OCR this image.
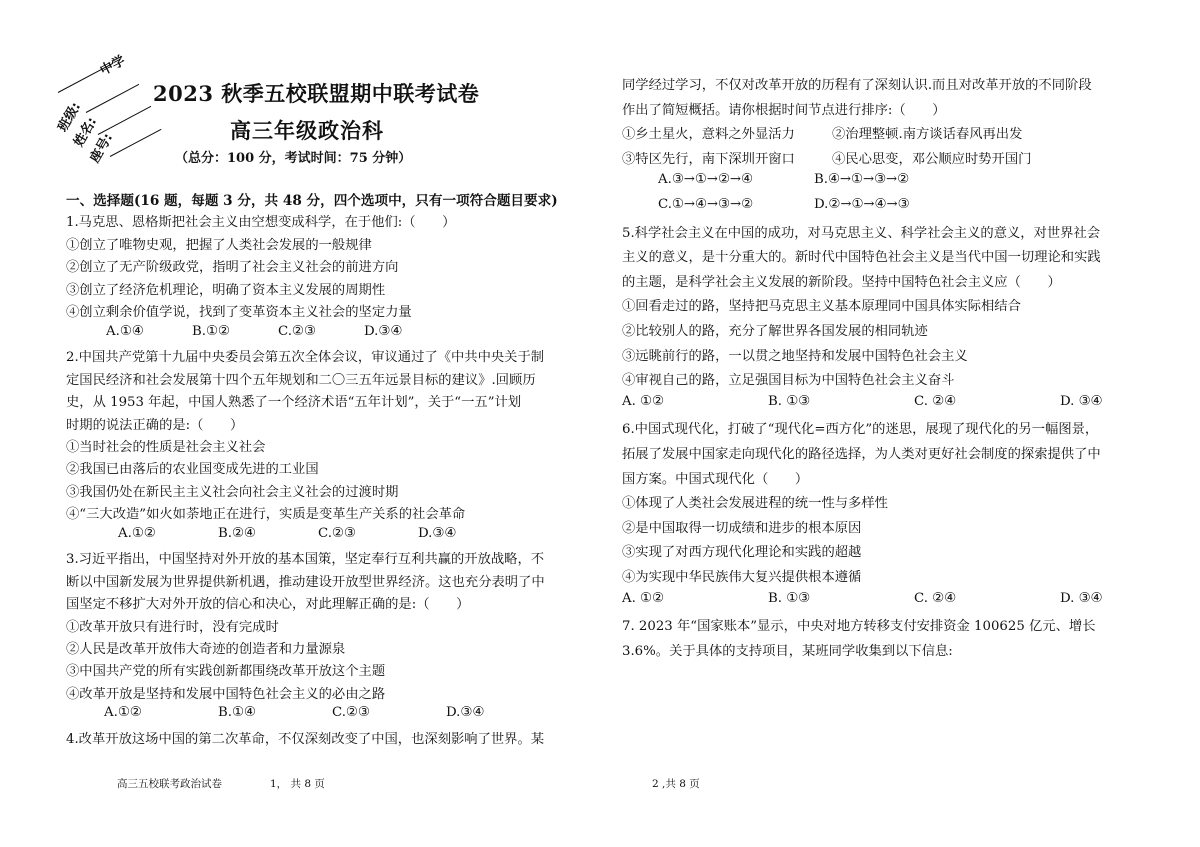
中学
班级:
姓名:
座号:
2023 秋季五校联盟期中联考试卷
高三年级政治科
（总分：100 分，考试时间：75 分钟）
一、选择题(16 题，每题 3 分，共 48 分，四个选项中，只有一项符合题目要求)
1.马克思、恩格斯把社会主义由空想变成科学，在于他们:（　　）
①创立了唯物史观，把握了人类社会发展的一般规律
②创立了无产阶级政党，指明了社会主义社会的前进方向
③创立了经济危机理论，明确了资本主义发展的周期性
④创立剩余价值学说，找到了变革资本主义社会的坚定力量
A.①④	B.①②	C.②③	D.③④
2.中国共产党第十九届中央委员会第五次全体会议，审议通过了《中共中央关于制
定国民经济和社会发展第十四个五年规划和二〇三五年远景目标的建议》.回顾历
史，从 1953 年起，中国人熟悉了一个经济术语“五年计划”，关于“一五”计划
时期的说法正确的是:（　　）
①当时社会的性质是社会主义社会
②我国已由落后的农业国变成先进的工业国
③我国仍处在新民主主义社会向社会主义社会的过渡时期
④“三大改造”如火如荼地正在进行，实质是变革生产关系的社会革命
A.①②	B.②④	C.②③	D.③④
3.习近平指出，中国坚持对外开放的基本国策，坚定奉行互利共赢的开放战略，不
断以中国新发展为世界提供新机遇，推动建设开放型世界经济。这也充分表明了中
国坚定不移扩大对外开放的信心和决心，对此理解正确的是:（　　）
①改革开放只有进行时，没有完成时
②人民是改革开放伟大奇迹的创造者和力量源泉
③中国共产党的所有实践创新都围绕改革开放这个主题
④改革开放是坚持和发展中国特色社会主义的必由之路
A.①②	B.①④	C.②③	D.③④
4.改革开放这场中国的第二次革命，不仅深刻改变了中国，也深刻影响了世界。某
高三五校联考政治试卷	1， 共 8 页
同学经过学习，不仅对改革开放的历程有了深刻认识.而且对改革开放的不同阶段
作出了简短概括。请你根据时间节点进行排序:（　　）
①乡土星火，意料之外显活力	②治理整顿.南方谈话春风再出发
③特区先行，南下深圳开窗口	④民心思变，邓公顺应时势开国门
A.③→①→②→④	B.④→①→③→②
C.①→④→③→②	D.②→①→④→③
5.科学社会主义在中国的成功，对马克思主义、科学社会主义的意义，对世界社会
主义的意义，是十分重大的。新时代中国特色社会主义是当代中国一切理论和实践
的主题，是科学社会主义发展的新阶段。坚持中国特色社会主义应（　　）
①回看走过的路，坚持把马克思主义基本原理同中国具体实际相结合
②比较别人的路，充分了解世界各国发展的相同轨迹
③远眺前行的路，一以贯之地坚持和发展中国特色社会主义
④审视自己的路，立足强国目标为中国特色社会主义奋斗
A. ①②	B. ①③	C. ②④	D. ③④
6.中国式现代化，打破了“现代化=西方化”的迷思，展现了现代化的另一幅图景，
拓展了发展中国家走向现代化的路径选择，为人类对更好社会制度的探索提供了中
国方案。中国式现代化（　　）
①体现了人类社会发展进程的统一性与多样性
②是中国取得一切成绩和进步的根本原因
③实现了对西方现代化理论和实践的超越
④为实现中华民族伟大复兴提供根本遵循
A. ①②	B. ①③	C. ②④	D. ③④
7. 2023 年“国家账本”显示，中央对地方转移支付安排资金 100625 亿元、增长
3.6%。关于具体的支持项目，某班同学收集到以下信息:
2 ,共 8 页
